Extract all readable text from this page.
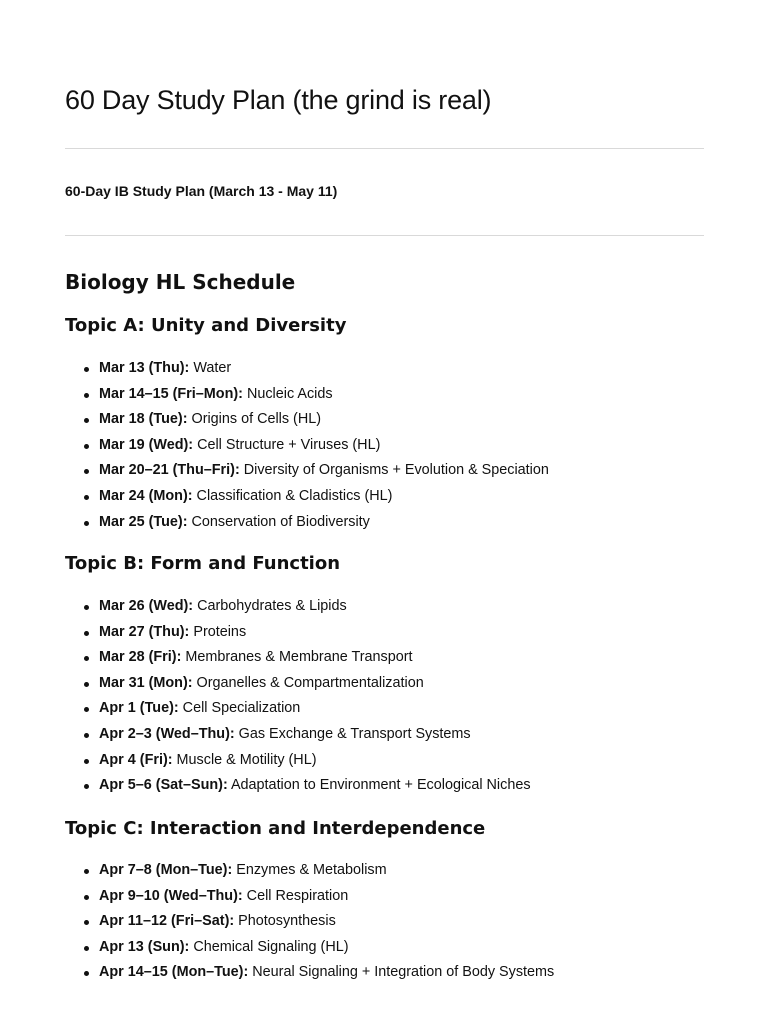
60 Day Study Plan (the grind is real)

60-Day IB Study Plan (March 13 - May 11)

Biology HL Schedule
Topic A: Unity and Diversity
Mar 13 (Thu): Water
Mar 14–15 (Fri–Mon): Nucleic Acids
Mar 18 (Tue): Origins of Cells (HL)
Mar 19 (Wed): Cell Structure + Viruses (HL)
Mar 20–21 (Thu–Fri): Diversity of Organisms + Evolution & Speciation
Mar 24 (Mon): Classification & Cladistics (HL)
Mar 25 (Tue): Conservation of Biodiversity
Topic B: Form and Function
Mar 26 (Wed): Carbohydrates & Lipids
Mar 27 (Thu): Proteins
Mar 28 (Fri): Membranes & Membrane Transport
Mar 31 (Mon): Organelles & Compartmentalization
Apr 1 (Tue): Cell Specialization
Apr 2–3 (Wed–Thu): Gas Exchange & Transport Systems
Apr 4 (Fri): Muscle & Motility (HL)
Apr 5–6 (Sat–Sun): Adaptation to Environment + Ecological Niches
Topic C: Interaction and Interdependence
Apr 7–8 (Mon–Tue): Enzymes & Metabolism
Apr 9–10 (Wed–Thu): Cell Respiration
Apr 11–12 (Fri–Sat): Photosynthesis
Apr 13 (Sun): Chemical Signaling (HL)
Apr 14–15 (Mon–Tue): Neural Signaling + Integration of Body Systems
